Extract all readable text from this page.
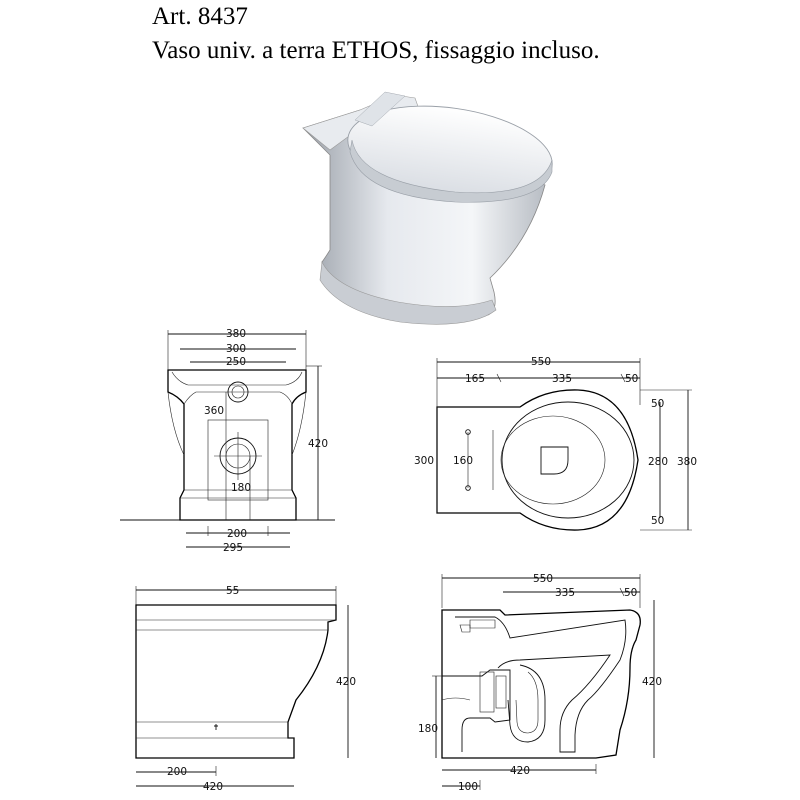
Art. 8437
Vaso univ. a terra ETHOS, fissaggio incluso.
380
300
250
420
360
180
200
295
550
165	335	50
300 160	280
50
50
380
55
420
200
420
550
335	50
420
180
420
100
